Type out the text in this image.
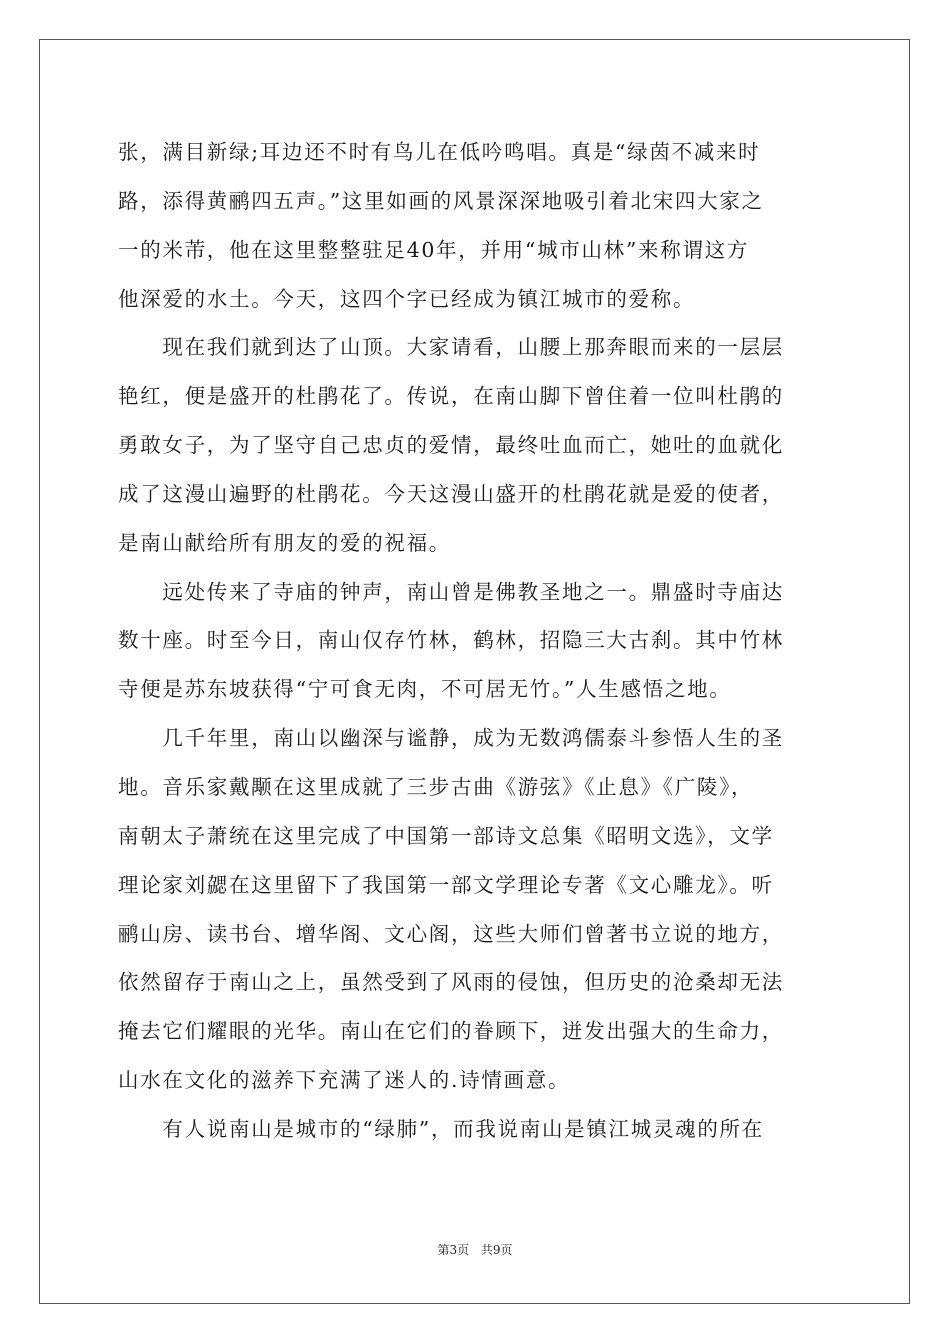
张，满目新绿;耳边还不时有鸟儿在低吟鸣唱。真是“绿茵不减来时
路，添得黄鹂四五声。”这里如画的风景深深地吸引着北宋四大家之
一的米芾，他在这里整整驻足40年，并用“城市山林”来称谓这方
他深爱的水土。今天，这四个字已经成为镇江城市的爱称。
　　现在我们就到达了山顶。大家请看，山腰上那奔眼而来的一层层
艳红，便是盛开的杜鹃花了。传说，在南山脚下曾住着一位叫杜鹃的
勇敢女子，为了坚守自己忠贞的爱情，最终吐血而亡，她吐的血就化
成了这漫山遍野的杜鹃花。今天这漫山盛开的杜鹃花就是爱的使者，
是南山献给所有朋友的爱的祝福。
　　远处传来了寺庙的钟声，南山曾是佛教圣地之一。鼎盛时寺庙达
数十座。时至今日，南山仅存竹林，鹤林，招隐三大古刹。其中竹林
寺便是苏东坡获得“宁可食无肉，不可居无竹。”人生感悟之地。
　　几千年里，南山以幽深与谧静，成为无数鸿儒泰斗参悟人生的圣
地。音乐家戴颙在这里成就了三步古曲《游弦》《止息》《广陵》，
南朝太子萧统在这里完成了中国第一部诗文总集《昭明文选》，文学
理论家刘勰在这里留下了我国第一部文学理论专著《文心雕龙》。听
鹂山房、读书台、增华阁、文心阁，这些大师们曾著书立说的地方，
依然留存于南山之上，虽然受到了风雨的侵蚀，但历史的沧桑却无法
掩去它们耀眼的光华。南山在它们的眷顾下，迸发出强大的生命力，
山水在文化的滋养下充满了迷人的.诗情画意。
　　有人说南山是城市的“绿肺”，而我说南山是镇江城灵魂的所在
第3页 共9页
